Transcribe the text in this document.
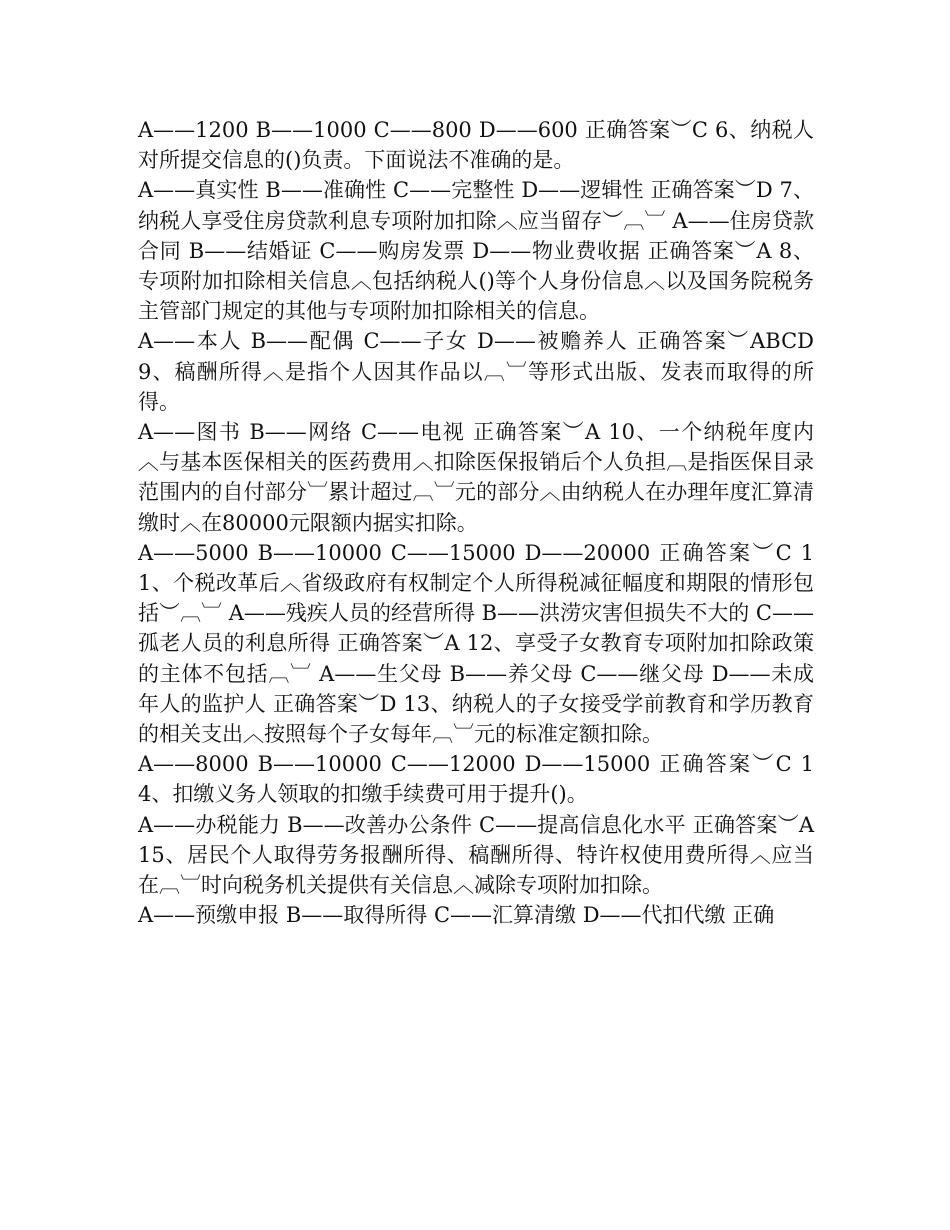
A——1200 B——1000 C——800 D——600 正确答案︶C 6、纳税人对所提交信息的()负责。下面说法不准确的是。

A——真实性 B——准确性 C——完整性 D——逻辑性 正确答案︶D 7、纳税人享受住房贷款利息专项附加扣除︿应当留存︶︹︺ A——住房贷款合同 B——结婚证 C——购房发票 D——物业费收据 正确答案︶A 8、专项附加扣除相关信息︿包括纳税人()等个人身份信息︿以及国务院税务主管部门规定的其他与专项附加扣除相关的信息。

A——本人 B——配偶 C——子女 D——被赡养人 正确答案︶ABCD 9、稿酬所得︿是指个人因其作品以︹︺等形式出版、发表而取得的所得。

A——图书 B——网络 C——电视 正确答案︶A 10、一个纳税年度内︿与基本医保相关的医药费用︿扣除医保报销后个人负担︹是指医保目录范围内的自付部分︺累计超过︹︺元的部分︿由纳税人在办理年度汇算清缴时︿在80000元限额内据实扣除。

A——5000 B——10000 C——15000 D——20000 正确答案︶C 11、个税改革后︿省级政府有权制定个人所得税减征幅度和期限的情形包括︶︹︺ A——残疾人员的经营所得 B——洪涝灾害但损失不大的 C——孤老人员的利息所得 正确答案︶A 12、享受子女教育专项附加扣除政策的主体不包括︹︺ A——生父母 B——养父母 C——继父母 D——未成年人的监护人 正确答案︶D 13、纳税人的子女接受学前教育和学历教育的相关支出︿按照每个子女每年︹︺元的标准定额扣除。

A——8000 B——10000 C——12000 D——15000 正确答案︶C 14、扣缴义务人领取的扣缴手续费可用于提升()。

A——办税能力 B——改善办公条件 C——提高信息化水平 正确答案︶A 15、居民个人取得劳务报酬所得、稿酬所得、特许权使用费所得︿应当在︹︺时向税务机关提供有关信息︿减除专项附加扣除。

A——预缴申报 B——取得所得 C——汇算清缴 D——代扣代缴 正确
